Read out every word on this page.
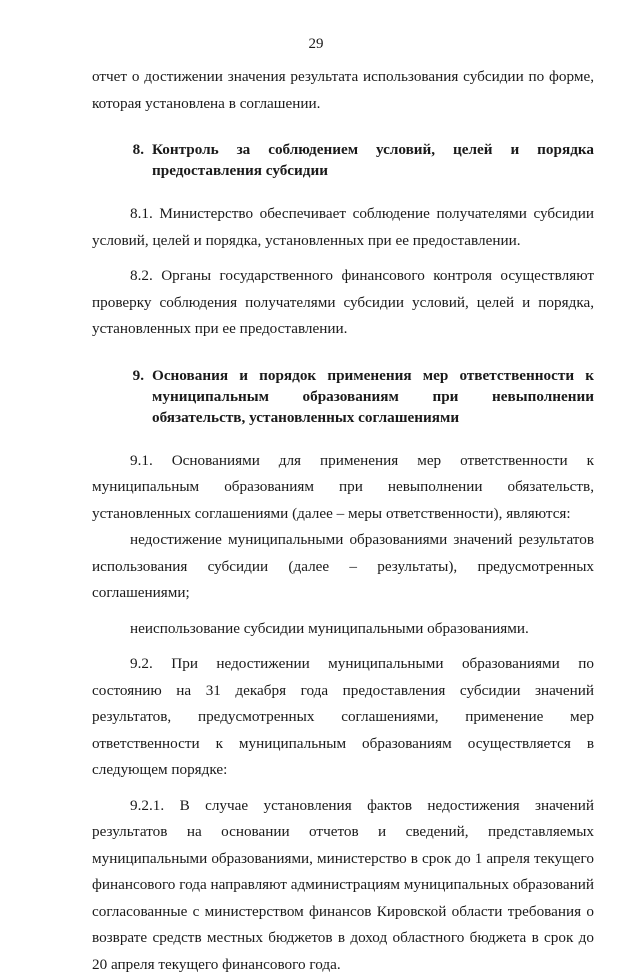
29

отчет о достижении значения результата использования субсидии по форме,

которая установлена в соглашении.

8. Контроль за соблюдением условий, целей и порядка предоставления субсидии

8.1. Министерство обеспечивает соблюдение получателями субсидии условий, целей и порядка, установленных при ее предоставлении.

8.2. Органы государственного финансового контроля осуществляют проверку соблюдения получателями субсидии условий, целей и порядка, установленных при ее предоставлении.

9. Основания и порядок применения мер ответственности к муниципальным образованиям при невыполнении обязательств, установленных соглашениями

9.1. Основаниями для применения мер ответственности к муниципальным образованиям при невыполнении обязательств, установленных соглашениями (далее – меры ответственности), являются:

недостижение муниципальными образованиями значений результатов использования субсидии (далее – результаты), предусмотренных соглашениями;

неиспользование субсидии муниципальными образованиями.

9.2. При недостижении муниципальными образованиями по состоянию на 31 декабря года предоставления субсидии значений результатов, предусмотренных соглашениями, применение мер ответственности к муниципальным образованиям осуществляется в следующем порядке:

9.2.1. В случае установления фактов недостижения значений результатов на основании отчетов и сведений, представляемых муниципальными образованиями, министерство в срок до 1 апреля текущего финансового года направляют администрациям муниципальных образований согласованные с министерством финансов Кировской области требования о возврате средств местных бюджетов в доход областного бюджета в срок до 20 апреля текущего финансового года.
